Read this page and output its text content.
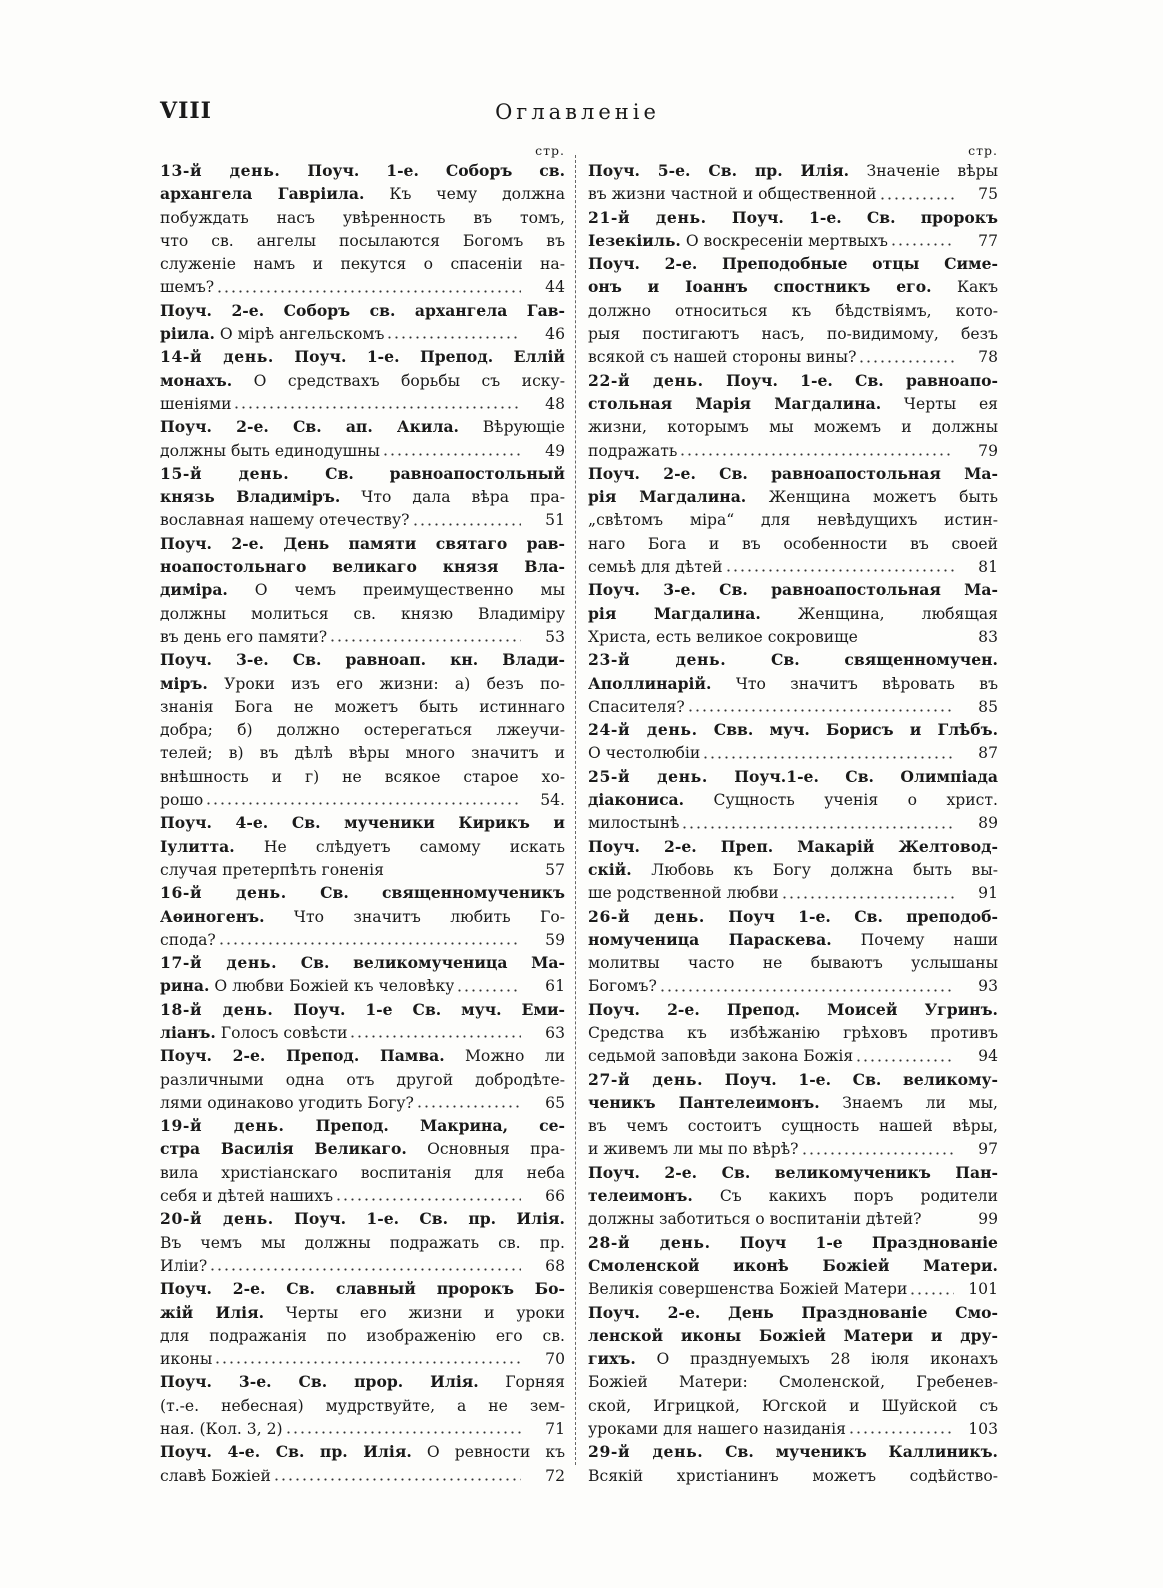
VIII	Оглавленіе
стр.
13-й день. Поуч. 1-е. Соборъ св.
архангела Гавріила. Къ чему должна
побуждать насъ увѣренность въ томъ,
что св. ангелы посылаются Богомъ въ
служеніе намъ и пекутся о спасеніи на-
шемъ?	44
Поуч. 2-е. Соборъ св. архангела Гав-
ріила. О мірѣ ангельскомъ	46
14-й день. Поуч. 1-е. Препод. Еллій
монахъ. О средствахъ борьбы съ иску-
шеніями	48
Поуч. 2-е. Св. ап. Акила. Вѣрующіе
должны быть единодушны	49
15-й день. Св. равноапостольный
князь Владиміръ. Что дала вѣра пра-
вославная нашему отечеству?	51
Поуч. 2-е. День памяти святаго рав-
ноапостольнаго великаго князя Вла-
диміра. О чемъ преимущественно мы
должны молиться св. князю Владиміру
въ день его памяти?	53
Поуч. 3-е. Св. равноап. кн. Влади-
міръ. Уроки изъ его жизни: а) безъ по-
знанія Бога не можетъ быть истиннаго
добра; б) должно остерегаться лжеучи-
телей; в) въ дѣлѣ вѣры много значитъ и
внѣшность и г) не всякое старое хо-
рошо	54.
Поуч. 4-е. Св. мученики Кирикъ и
Іулитта. Не слѣдуетъ самому искать
случая претерпѣть гоненія	57
16-й день. Св. священномученикъ
Аѳиногенъ. Что значитъ любить Го-
спода?	59
17-й день. Св. великомученица Ма-
рина. О любви Божіей къ человѣку	61
18-й день. Поуч. 1-е Св. муч. Еми-
ліанъ. Голосъ совѣсти	63
Поуч. 2-е. Препод. Памва. Можно ли
различными одна отъ другой добродѣте-
лями одинаково угодить Богу?	65
19-й день. Препод. Макрина, се-
стра Василія Великаго. Основныя пра-
вила христіанскаго воспитанія для неба
себя и дѣтей нашихъ	66
20-й день. Поуч. 1-е. Св. пр. Илія.
Въ чемъ мы должны подражать св. пр.
Иліи?	68
Поуч. 2-е. Св. славный пророкъ Бо-
жій Илія. Черты его жизни и уроки
для подражанія по изображенію его св.
иконы	70
Поуч. 3-е. Св. прор. Илія. Горняя
(т.-е. небесная) мудрствуйте, а не зем-
ная. (Кол. 3, 2)	71
Поуч. 4-е. Св. пр. Илія. О ревности къ
славѣ Божіей	72
стр.
Поуч. 5-е. Св. пр. Илія. Значеніе вѣры
въ жизни частной и общественной	75
21-й день. Поуч. 1-е. Св. пророкъ
Іезекіиль. О воскресеніи мертвыхъ	77
Поуч. 2-е. Преподобные отцы Симе-
онъ и Іоаннъ спостникъ его. Какъ
должно относиться къ бѣдствіямъ, кото-
рыя постигаютъ насъ, по-видимому, безъ
всякой съ нашей стороны вины?	78
22-й день. Поуч. 1-е. Св. равноапо-
стольная Марія Магдалина. Черты ея
жизни, которымъ мы можемъ и должны
подражать	79
Поуч. 2-е. Св. равноапостольная Ма-
рія Магдалина. Женщина можетъ быть
„свѣтомъ міра“ для невѣдущихъ истин-
наго Бога и въ особенности въ своей
семьѣ для дѣтей	81
Поуч. 3-е. Св. равноапостольная Ма-
рія Магдалина. Женщина, любящая
Христа, есть великое сокровище	83
23-й день. Св. священномучен.
Аполлинарій. Что значитъ вѣровать въ
Спасителя?	85
24-й день. Свв. муч. Борисъ и Глѣбъ.
О честолюбіи	87
25-й день. Поуч.1-е. Св. Олимпіада
діакониса. Сущность ученія о христ.
милостынѣ	89
Поуч. 2-е. Преп. Макарій Желтовод-
скій. Любовь къ Богу должна быть вы-
ше родственной любви	91
26-й день. Поуч 1-е. Св. преподоб-
номученица Параскева. Почему наши
молитвы часто не бываютъ услышаны
Богомъ?	93
Поуч. 2-е. Препод. Моисей Угринъ.
Средства къ избѣжанію грѣховъ противъ
седьмой заповѣди закона Божія	94
27-й день. Поуч. 1-е. Св. великому-
ченикъ Пантелеимонъ. Знаемъ ли мы,
въ чемъ состоитъ сущность нашей вѣры,
и живемъ ли мы по вѣрѣ?	97
Поуч. 2-е. Св. великомученикъ Пан-
телеимонъ. Съ какихъ поръ родители
должны заботиться о воспитаніи дѣтей?	99
28-й день. Поуч 1-е Празднованіе
Смоленской иконѣ Божіей Матери.
Великія совершенства Божіей Матери	101
Поуч. 2-е. День Празднованіе Смо-
ленской иконы Божіей Матери и дру-
гихъ. О празднуемыхъ 28 іюля иконахъ
Божіей Матери: Смоленской, Гребенев-
ской, Игрицкой, Югской и Шуйской съ
уроками для нашего назиданія	103
29-й день. Св. мученикъ Каллиникъ.
Всякій христіанинъ можетъ содѣйство-
